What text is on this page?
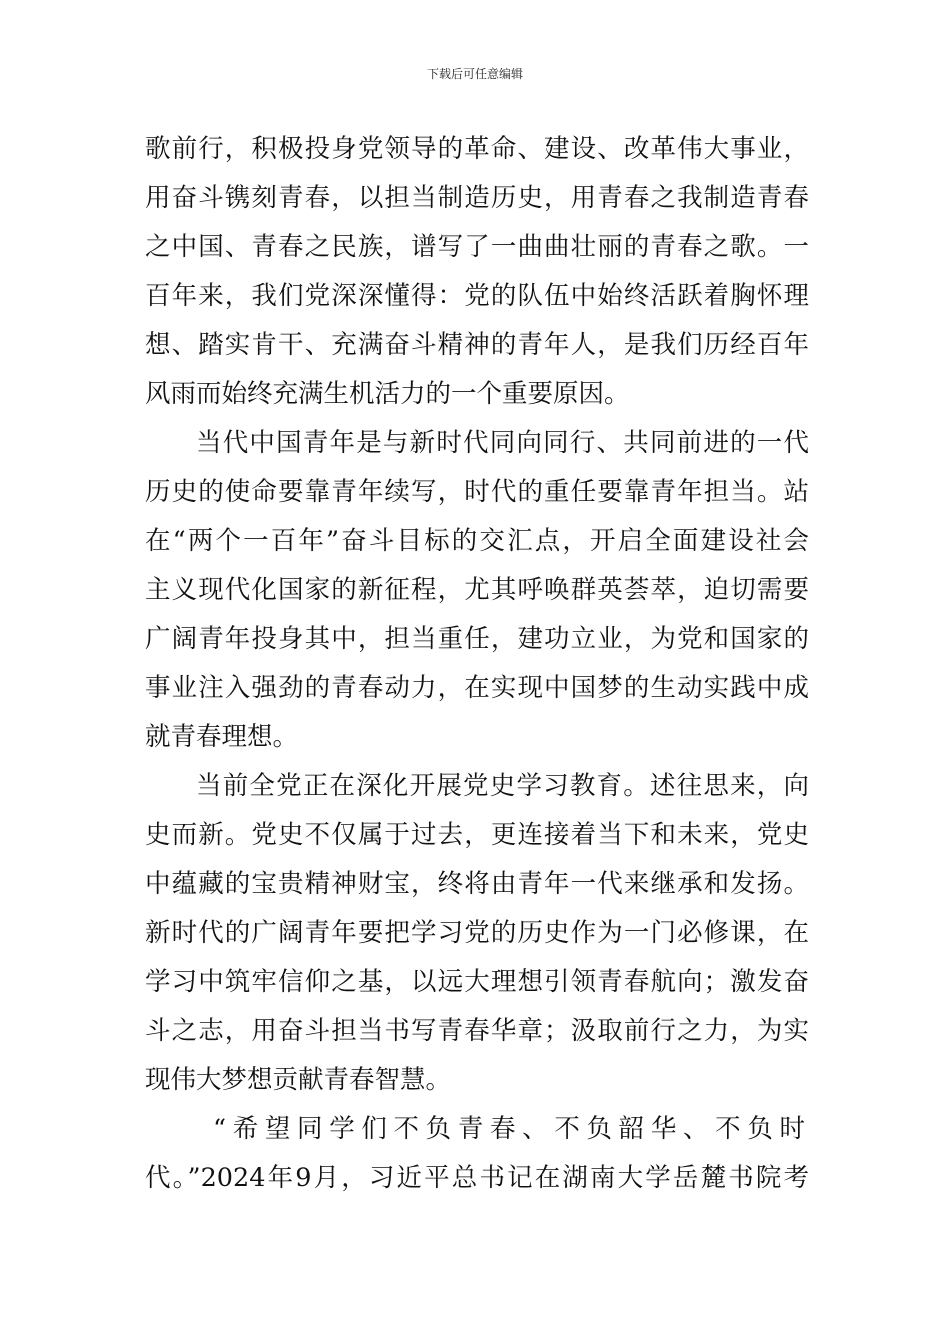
下载后可任意编辑
歌前行，积极投身党领导的革命、建设、改革伟大事业，
用奋斗镌刻青春，以担当制造历史，用青春之我制造青春
之中国、青春之民族，谱写了一曲曲壮丽的青春之歌。一
百年来，我们党深深懂得：党的队伍中始终活跃着胸怀理
想、踏实肯干、充满奋斗精神的青年人，是我们历经百年
风雨而始终充满生机活力的一个重要原因。
当代中国青年是与新时代同向同行、共同前进的一代
历史的使命要靠青年续写，时代的重任要靠青年担当。站
在“两个一百年”奋斗目标的交汇点，开启全面建设社会
主义现代化国家的新征程，尤其呼唤群英荟萃，迫切需要
广阔青年投身其中，担当重任，建功立业，为党和国家的
事业注入强劲的青春动力，在实现中国梦的生动实践中成
就青春理想。
当前全党正在深化开展党史学习教育。述往思来，向
史而新。党史不仅属于过去，更连接着当下和未来，党史
中蕴藏的宝贵精神财宝，终将由青年一代来继承和发扬。
新时代的广阔青年要把学习党的历史作为一门必修课，在
学习中筑牢信仰之基，以远大理想引领青春航向；激发奋
斗之志，用奋斗担当书写青春华章；汲取前行之力，为实
现伟大梦想贡献青春智慧。
“希望同学们不负青春、不负韶华、不负时
代。”2024年9月，习近平总书记在湖南大学岳麓书院考
